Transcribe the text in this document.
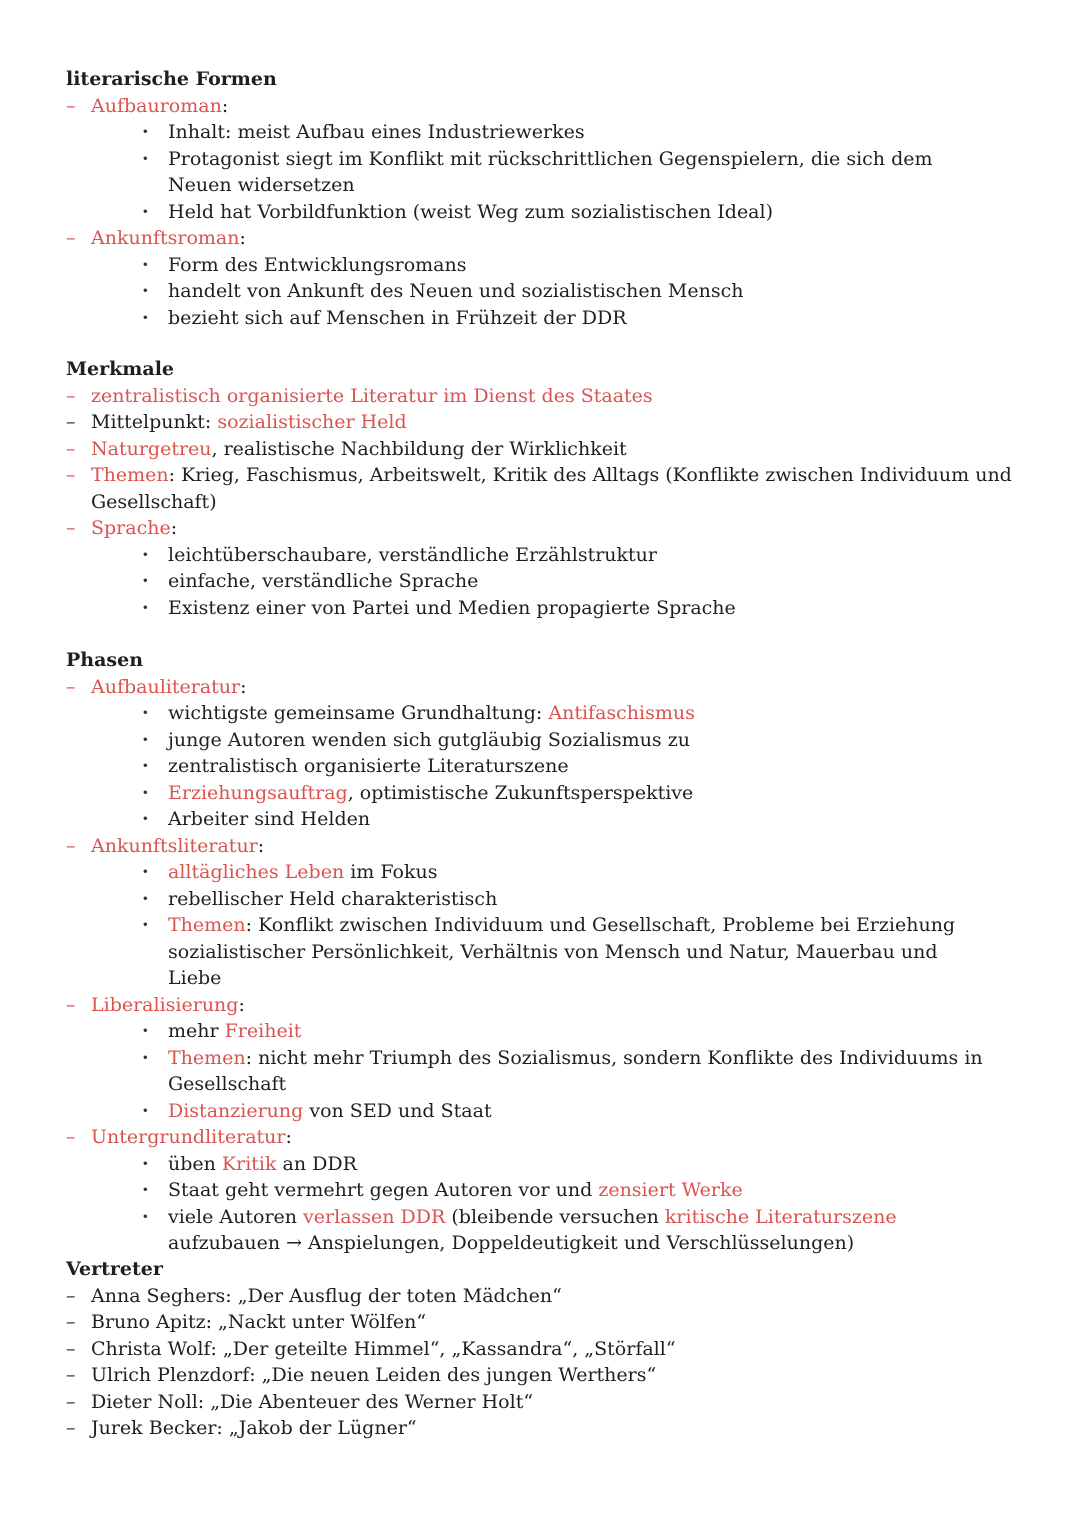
literarische Formen
– Aufbauroman:
· Inhalt: meist Aufbau eines Industriewerkes
· Protagonist siegt im Konflikt mit rückschrittlichen Gegenspielern, die sich dem Neuen widersetzen
· Held hat Vorbildfunktion (weist Weg zum sozialistischen Ideal)
– Ankunftsroman:
· Form des Entwicklungsromans
· handelt von Ankunft des Neuen und sozialistischen Mensch
· bezieht sich auf Menschen in Frühzeit der DDR
Merkmale
– zentralistisch organisierte Literatur im Dienst des Staates
– Mittelpunkt: sozialistischer Held
– Naturgetreu, realistische Nachbildung der Wirklichkeit
– Themen: Krieg, Faschismus, Arbeitswelt, Kritik des Alltags (Konflikte zwischen Individuum und Gesellschaft)
– Sprache:
· leichtüberschaubare, verständliche Erzählstruktur
· einfache, verständliche Sprache
· Existenz einer von Partei und Medien propagierte Sprache
Phasen
– Aufbauliteratur:
· wichtigste gemeinsame Grundhaltung: Antifaschismus
· junge Autoren wenden sich gutgläubig Sozialismus zu
· zentralistisch organisierte Literaturszene
· Erziehungsauftrag, optimistische Zukunftsperspektive
· Arbeiter sind Helden
– Ankunftsliteratur:
· alltägliches Leben im Fokus
· rebellischer Held charakteristisch
· Themen: Konflikt zwischen Individuum und Gesellschaft, Probleme bei Erziehung sozialistischer Persönlichkeit, Verhältnis von Mensch und Natur, Mauerbau und Liebe
– Liberalisierung:
· mehr Freiheit
· Themen: nicht mehr Triumph des Sozialismus, sondern Konflikte des Individuums in Gesellschaft
· Distanzierung von SED und Staat
– Untergrundliteratur:
· üben Kritik an DDR
· Staat geht vermehrt gegen Autoren vor und zensiert Werke
· viele Autoren verlassen DDR (bleibende versuchen kritische Literaturszene aufzubauen → Anspielungen, Doppeldeutigkeit und Verschlüsselungen)
Vertreter
– Anna Seghers: „Der Ausflug der toten Mädchen“
– Bruno Apitz: „Nackt unter Wölfen“
– Christa Wolf: „Der geteilte Himmel“, „Kassandra“, „Störfall“
– Ulrich Plenzdorf: „Die neuen Leiden des jungen Werthers“
– Dieter Noll: „Die Abenteuer des Werner Holt“
– Jurek Becker: „Jakob der Lügner“
